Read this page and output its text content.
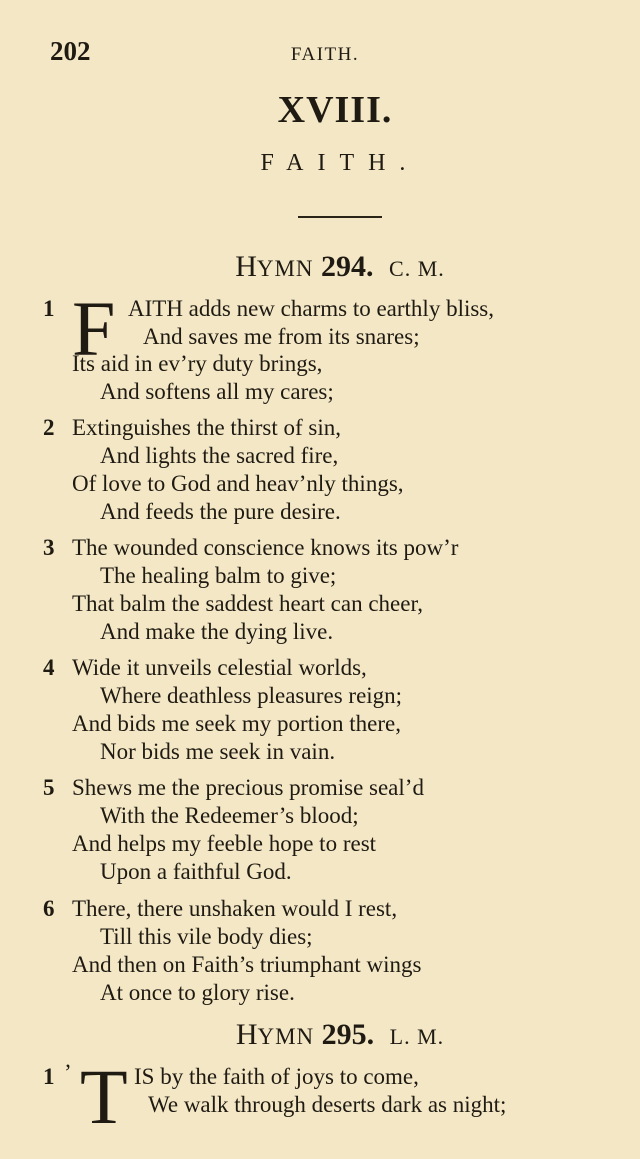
202	FAITH.
XVIII.
FAITH.
HYMN 294. C. M.
1 F AITH adds new charms to earthly bliss,
And saves me from its snares;
Its aid in ev’ry duty brings,
And softens all my cares;
2 Extinguishes the thirst of sin,
And lights the sacred fire,
Of love to God and heav’nly things,
And feeds the pure desire.
3 The wounded conscience knows its pow’r
The healing balm to give;
That balm the saddest heart can cheer,
And make the dying live.
4 Wide it unveils celestial worlds,
Where deathless pleasures reign;
And bids me seek my portion there,
Nor bids me seek in vain.
5 Shews me the precious promise seal’d
With the Redeemer’s blood;
And helps my feeble hope to rest
Upon a faithful God.
6 There, there unshaken would I rest,
Till this vile body dies;
And then on Faith’s triumphant wings
At once to glory rise.
HYMN 295. L. M.
1 ’ T IS by the faith of joys to come,
We walk through deserts dark as night;
